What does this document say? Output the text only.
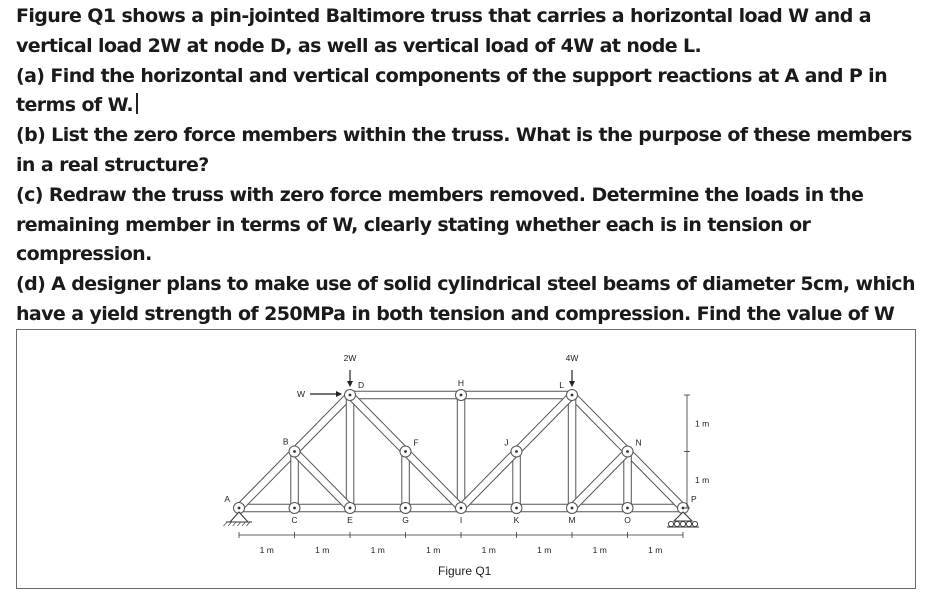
Figure Q1 shows a pin-jointed Baltimore truss that carries a horizontal load W and a vertical load 2W at node D, as well as vertical load of 4W at node L.

(a) Find the horizontal and vertical components of the support reactions at A and P in terms of W.

(b) List the zero force members within the truss. What is the purpose of these members in a real structure?

(c) Redraw the truss with zero force members removed. Determine the loads in the remaining member in terms of W, clearly stating whether each is in tension or compression.

(d) A designer plans to make use of solid cylindrical steel beams of diameter 5cm, which have a yield strength of 250MPa in both tension and compression. Find the value of W

2W
W
4W
1 m	1 m	1 m	1 m	1 m	1 m	1 m	1 m
1 m
1 m
A
B
C
D
E
F
G
H
I
J
K
L
M
N
O
P
Figure Q1
